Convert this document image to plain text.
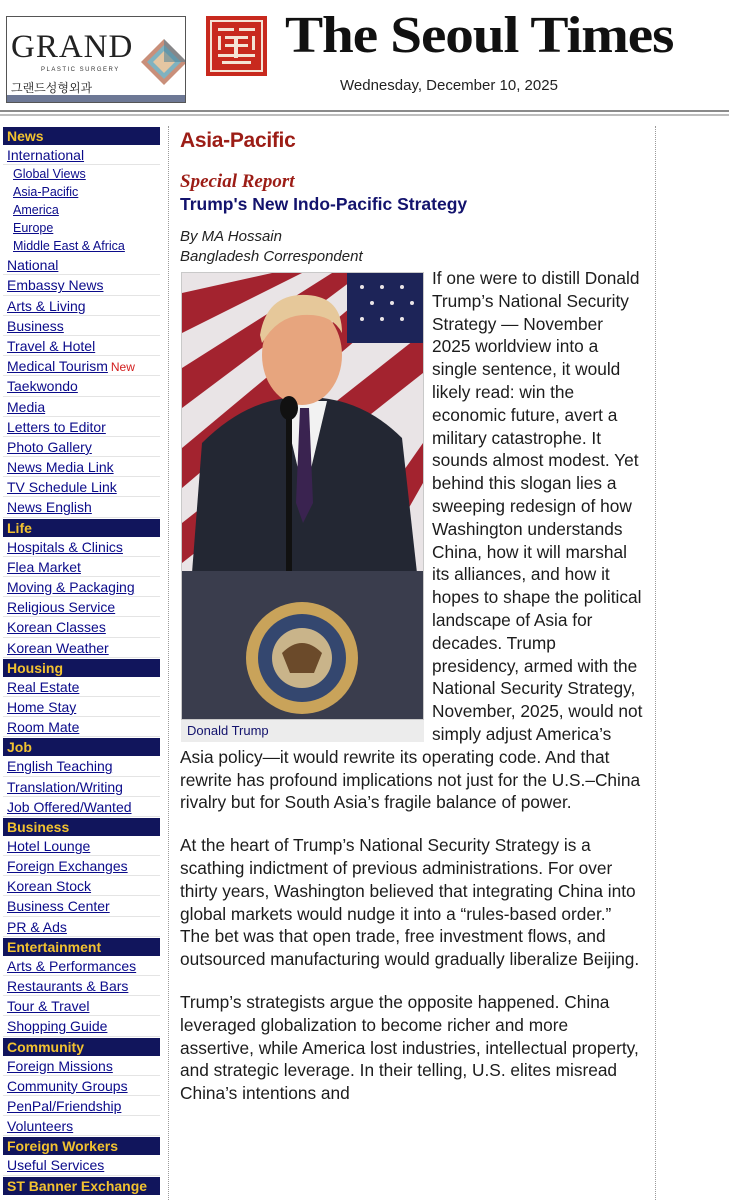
GRAND
PLASTIC SURGERY
그랜드성형외과
The Seoul Times
Wednesday, December 10, 2025
News
International
Global Views
Asia-Pacific
America
Europe
Middle East & Africa
National
Embassy News
Arts & Living
Business
Travel & Hotel
Medical Tourism New
Taekwondo
Media
Letters to Editor
Photo Gallery
News Media Link
TV Schedule Link
News English
Life
Hospitals & Clinics
Flea Market
Moving & Packaging
Religious Service
Korean Classes
Korean Weather
Housing
Real Estate
Home Stay
Room Mate
Job
English Teaching
Translation/Writing
Job Offered/Wanted
Business
Hotel Lounge
Foreign Exchanges
Korean Stock
Business Center
PR & Ads
Entertainment
Arts & Performances
Restaurants & Bars
Tour & Travel
Shopping Guide
Community
Foreign Missions
Community Groups
PenPal/Friendship
Volunteers
Foreign Workers
Useful Services
ST Banner Exchange
Asia-Pacific
Special Report
Trump's New Indo-Pacific Strategy
By MA Hossain
Bangladesh Correspondent
Donald Trump

If one were to distill Donald Trump’s National Security Strategy — November 2025 worldview into a single sentence, it would likely read: win the economic future, avert a military catastrophe. It sounds almost modest. Yet behind this slogan lies a sweeping redesign of how Washington understands China, how it will marshal its alliances, and how it hopes to shape the political landscape of Asia for decades. Trump presidency, armed with the National Security Strategy, November, 2025, would not simply adjust America’s Asia policy—it would rewrite its operating code. And that rewrite has profound implications not just for the U.S.–China rivalry but for South Asia’s fragile balance of power.

At the heart of Trump’s National Security Strategy is a scathing indictment of previous administrations. For over thirty years, Washington believed that integrating China into global markets would nudge it into a “rules-based order.” The bet was that open trade, free investment flows, and outsourced manufacturing would gradually liberalize Beijing.

Trump’s strategists argue the opposite happened. China leveraged globalization to become richer and more assertive, while America lost industries, intellectual property, and strategic leverage. In their telling, U.S. elites misread China’s intentions and
